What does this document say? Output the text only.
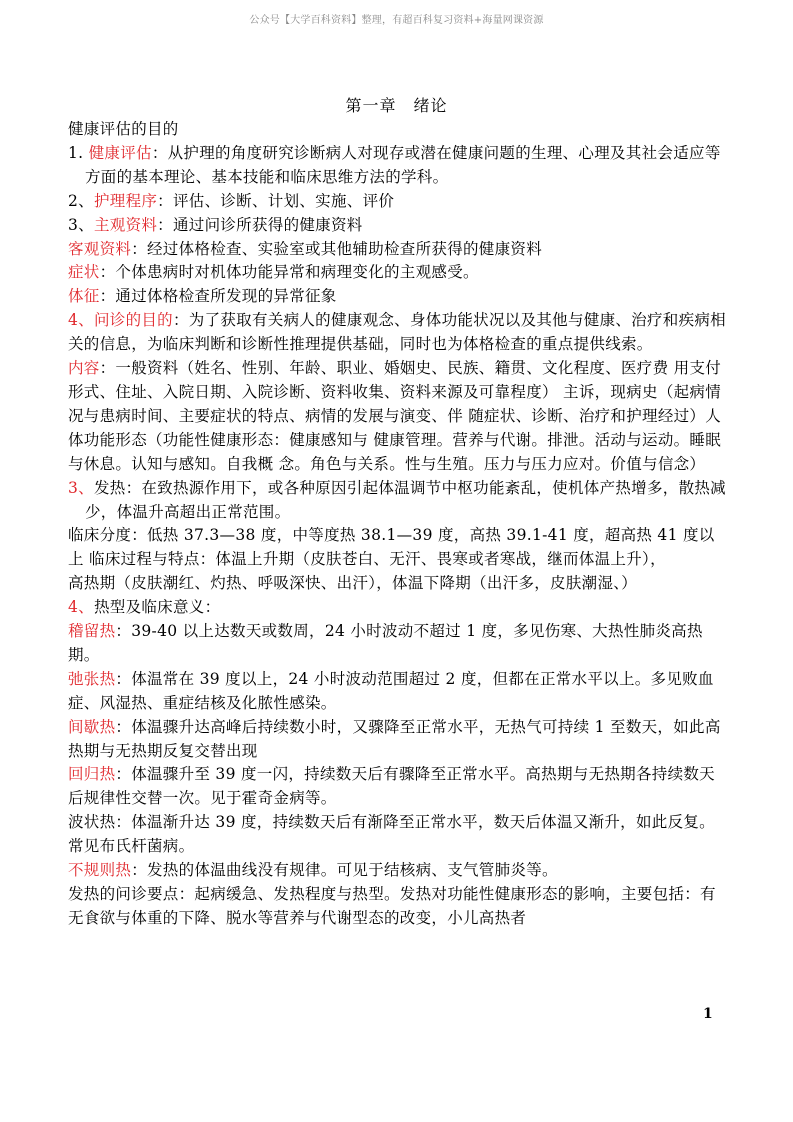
公众号【大学百科资料】整理，有超百科复习资料+海量网课资源
第一章　绪论

健康评估的目的

1. 健康评估：从护理的角度研究诊断病人对现存或潜在健康问题的生理、心理及其社会适应等方面的基本理论、基本技能和临床思维方法的学科。

2、护理程序：评估、诊断、计划、实施、评价

3、主观资料：通过问诊所获得的健康资料

客观资料：经过体格检查、实验室或其他辅助检查所获得的健康资料

症状：个体患病时对机体功能异常和病理变化的主观感受。

体征：通过体格检查所发现的异常征象

4、问诊的目的：为了获取有关病人的健康观念、身体功能状况以及其他与健康、治疗和疾病相关的信息，为临床判断和诊断性推理提供基础，同时也为体格检查的重点提供线索。

内容：一般资料（姓名、性别、年龄、职业、婚姻史、民族、籍贯、文化程度、医疗费 用支付形式、住址、入院日期、入院诊断、资料收集、资料来源及可靠程度） 主诉，现病史（起病情况与患病时间、主要症状的特点、病情的发展与演变、伴 随症状、诊断、治疗和护理经过）人体功能形态（功能性健康形态：健康感知与 健康管理。营养与代谢。排泄。活动与运动。睡眠与休息。认知与感知。自我概 念。角色与关系。性与生殖。压力与压力应对。价值与信念）

3、发热：在致热源作用下，或各种原因引起体温调节中枢功能紊乱，使机体产热增多，散热减少，体温升高超出正常范围。

临床分度：低热 37.3—38 度，中等度热 38.1—39 度，高热 39.1-41 度，超高热 41 度以上 临床过程与特点：体温上升期（皮肤苍白、无汗、畏寒或者寒战，继而体温上升），

高热期（皮肤潮红、灼热、呼吸深快、出汗），体温下降期（出汗多，皮肤潮湿、）

4、热型及临床意义：

稽留热：39-40 以上达数天或数周，24 小时波动不超过 1 度，多见伤寒、大热性肺炎高热期。

弛张热：体温常在 39 度以上，24 小时波动范围超过 2 度，但都在正常水平以上。多见败血症、风湿热、重症结核及化脓性感染。

间歇热：体温骤升达高峰后持续数小时，又骤降至正常水平，无热气可持续 1 至数天，如此高热期与无热期反复交替出现

回归热：体温骤升至 39 度一闪，持续数天后有骤降至正常水平。高热期与无热期各持续数天后规律性交替一次。见于霍奇金病等。

波状热：体温渐升达 39 度，持续数天后有渐降至正常水平，数天后体温又渐升，如此反复。常见布氏杆菌病。

不规则热：发热的体温曲线没有规律。可见于结核病、支气管肺炎等。

发热的问诊要点：起病缓急、发热程度与热型。发热对功能性健康形态的影响，主要包括：有无食欲与体重的下降、脱水等营养与代谢型态的改变，小儿高热者

1
